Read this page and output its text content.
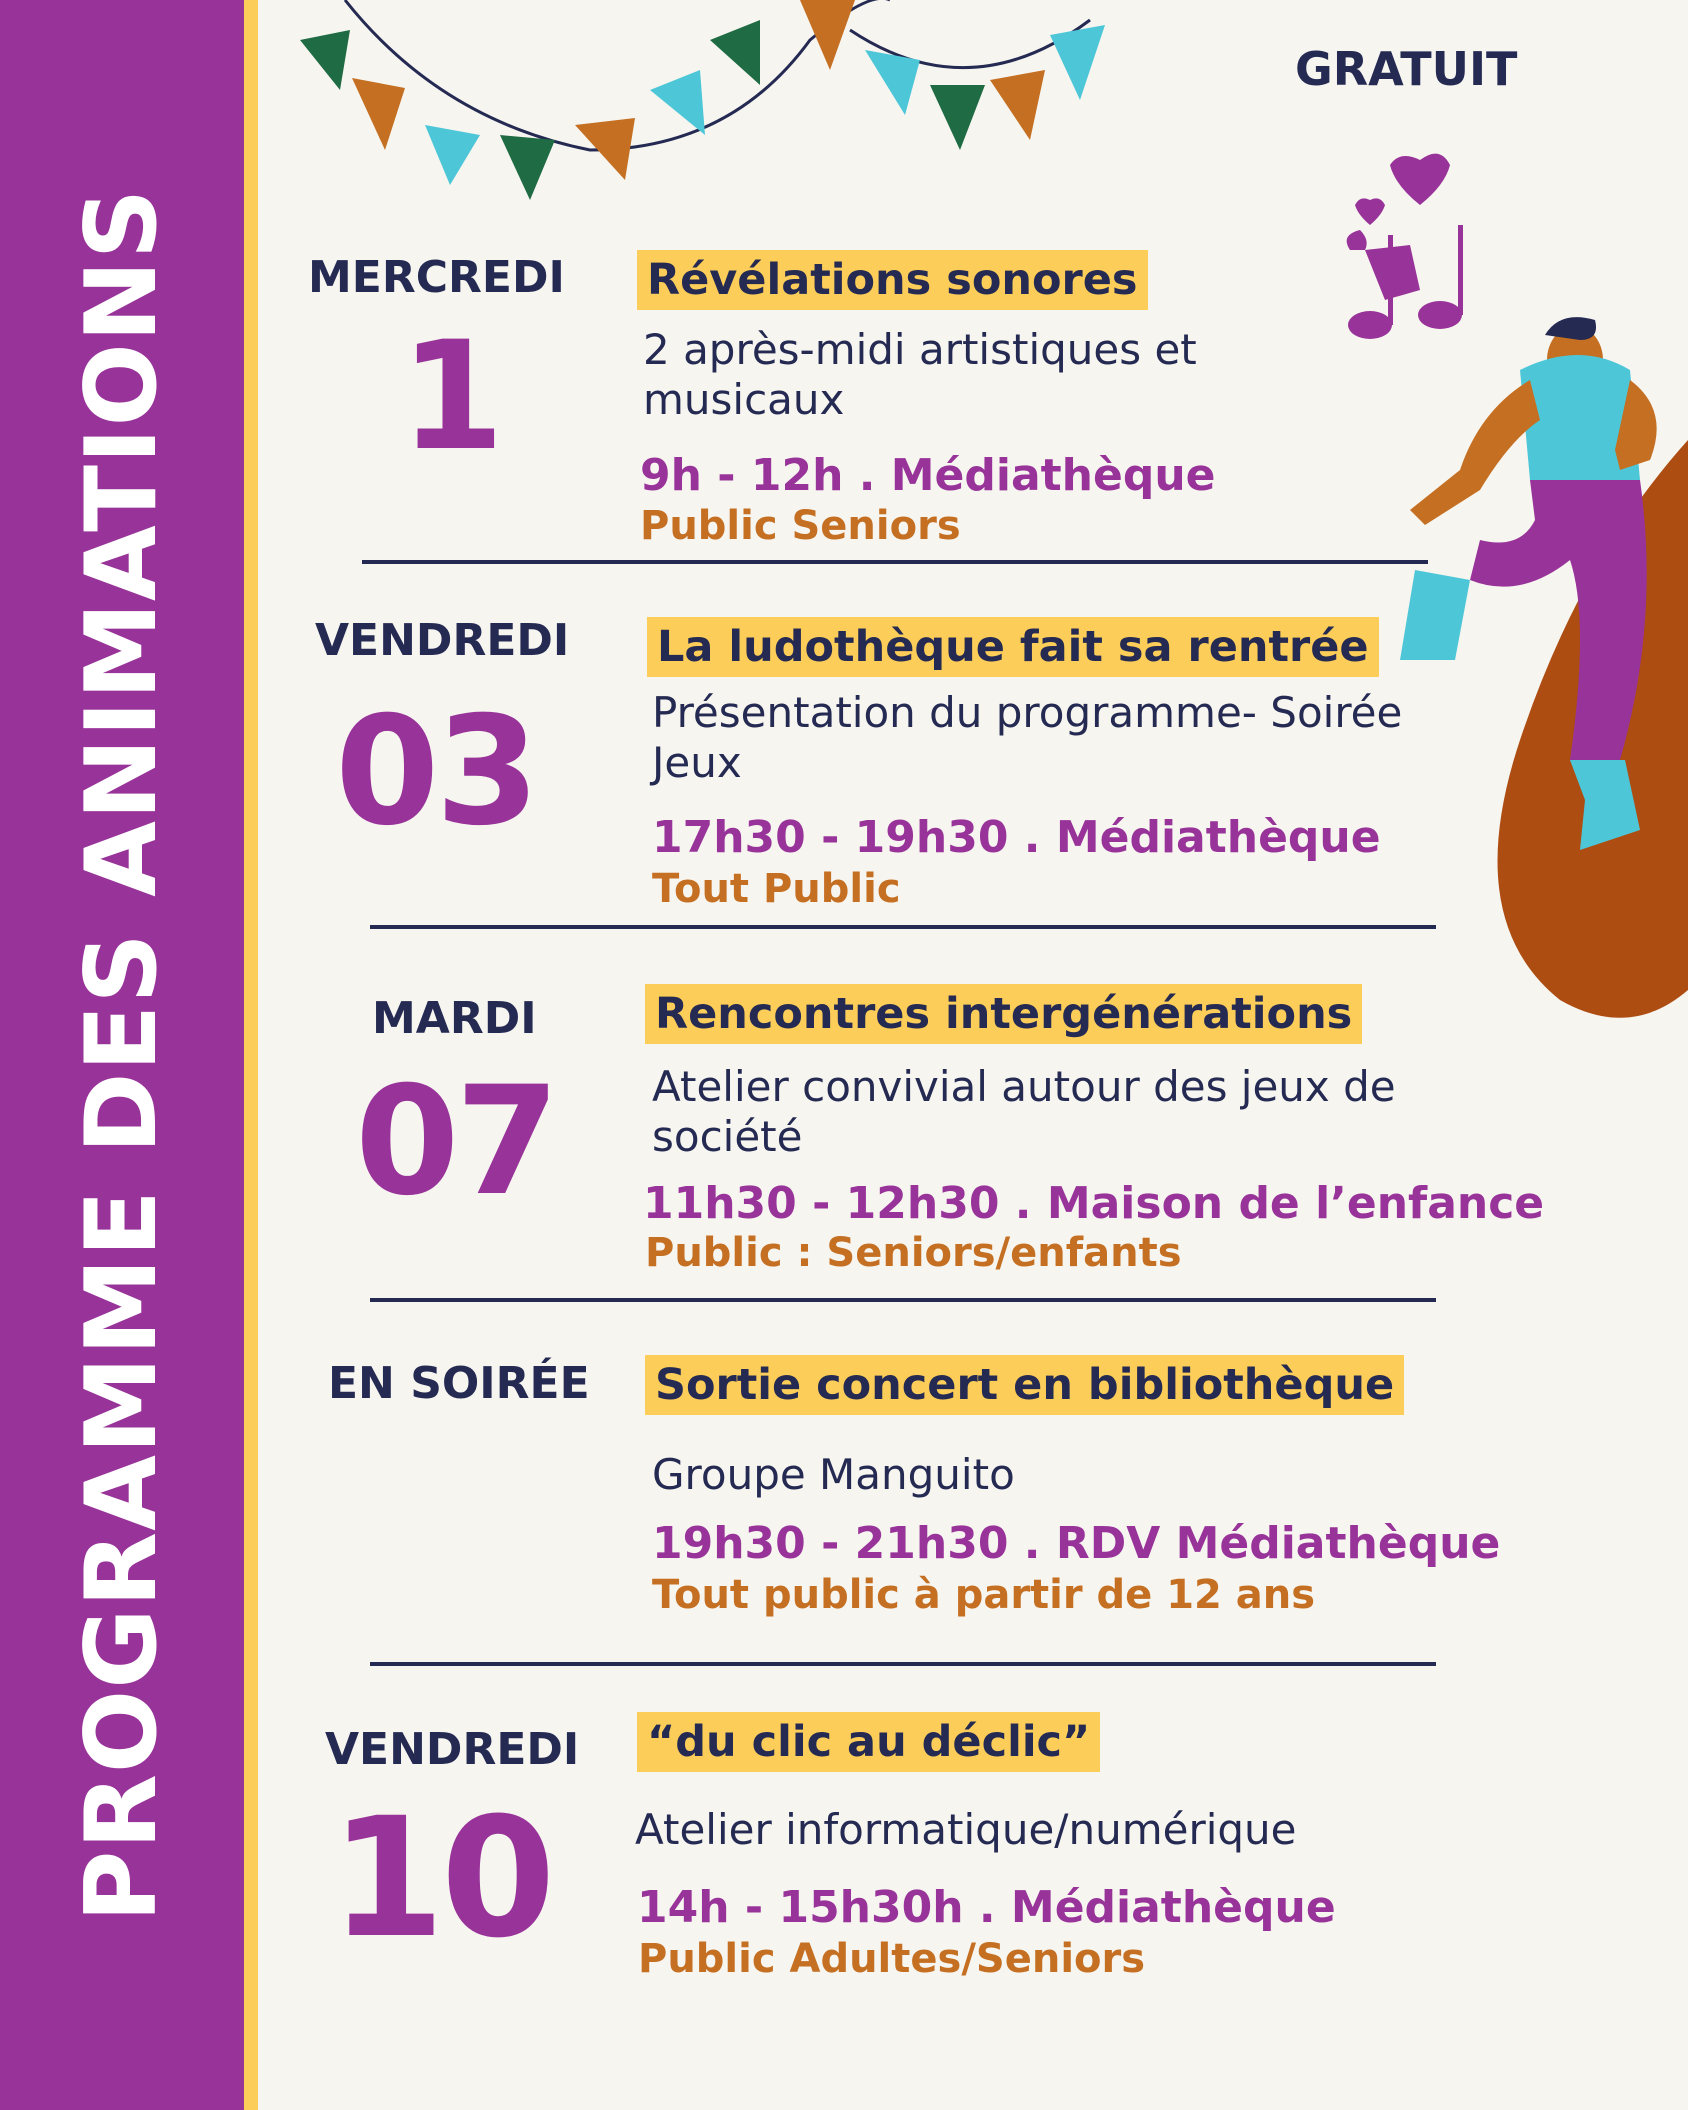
PROGRAMME DES ANIMATIONS
GRATUIT
MERCREDI
1
Révélations sonores
2 après-midi artistiques et musicaux
9h - 12h . Médiathèque
Public Seniors
VENDREDI
03
La ludothèque fait sa rentrée
Présentation du programme- Soirée Jeux
17h30 - 19h30 . Médiathèque
Tout Public
MARDI
07
Rencontres intergénérations
Atelier convivial autour des jeux de société
11h30 - 12h30 . Maison de l’enfance
Public : Seniors/enfants
EN SOIRÉE Sortie concert en bibliothèque
Groupe Manguito
19h30 - 21h30 . RDV Médiathèque
Tout public à partir de 12 ans
VENDREDI
10
“du clic au déclic”
Atelier informatique/numérique
14h - 15h30h . Médiathèque
Public Adultes/Seniors
